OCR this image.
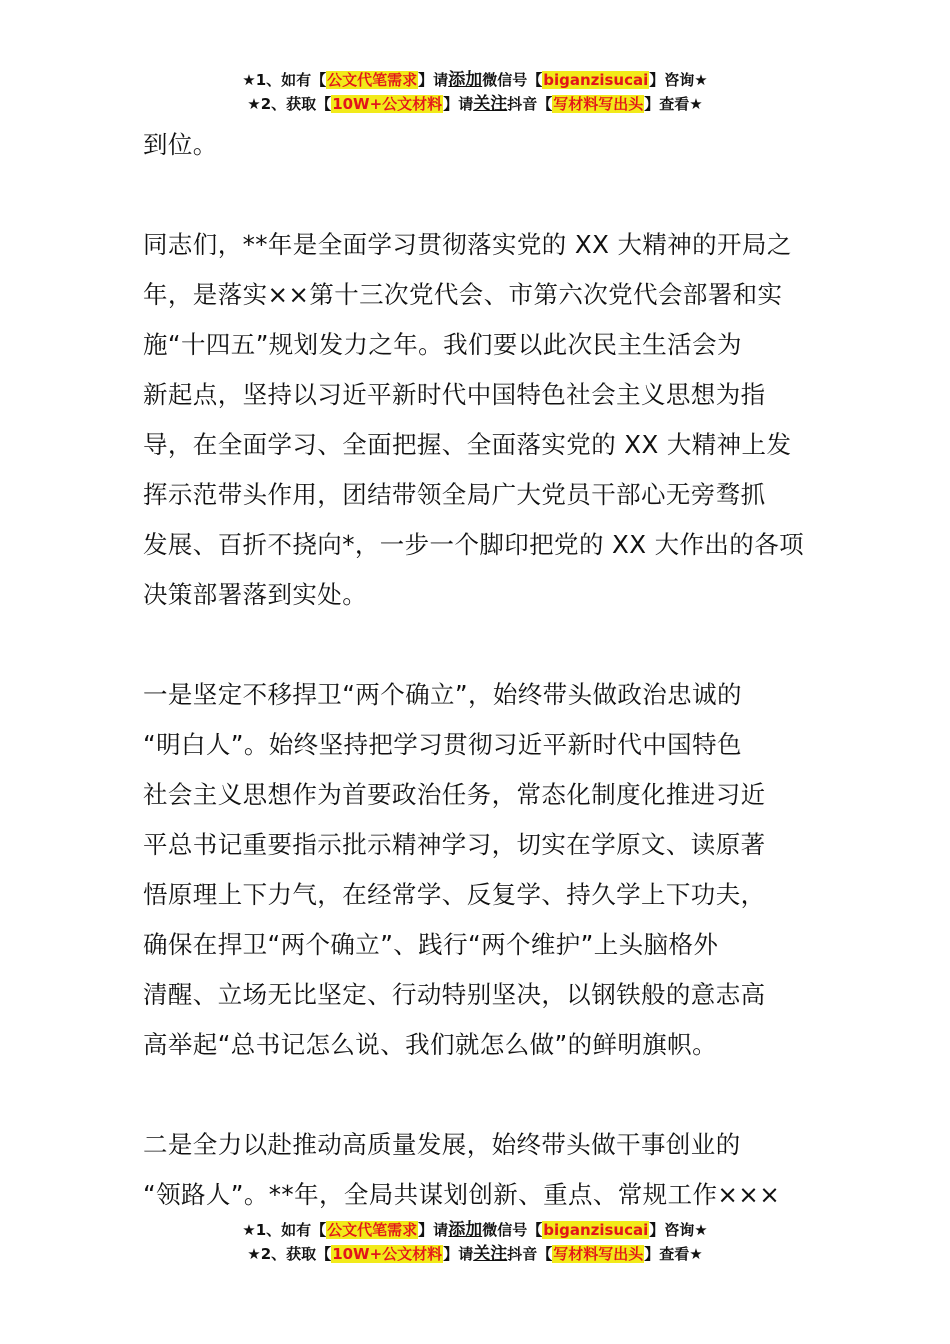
★1、如有【公文代笔需求】请添加微信号【biganzisucai】咨询★
★2、获取【10W+公文材料】请关注抖音【写材料写出头】查看★

到位。

同志们，**年是全面学习贯彻落实党的 XX 大精神的开局之

年，是落实××第十三次党代会、市第六次党代会部署和实

施“十四五”规划发力之年。我们要以此次民主生活会为

新起点，坚持以习近平新时代中国特色社会主义思想为指

导，在全面学习、全面把握、全面落实党的 XX 大精神上发

挥示范带头作用，团结带领全局广大党员干部心无旁骛抓

发展、百折不挠向*，一步一个脚印把党的 XX 大作出的各项

决策部署落到实处。

一是坚定不移捍卫“两个确立”，始终带头做政治忠诚的

“明白人”。始终坚持把学习贯彻习近平新时代中国特色

社会主义思想作为首要政治任务，常态化制度化推进习近

平总书记重要指示批示精神学习，切实在学原文、读原著

悟原理上下力气，在经常学、反复学、持久学上下功夫，

确保在捍卫“两个确立”、践行“两个维护”上头脑格外

清醒、立场无比坚定、行动特别坚决，以钢铁般的意志高

高举起“总书记怎么说、我们就怎么做”的鲜明旗帜。

二是全力以赴推动高质量发展，始终带头做干事创业的

“领路人”。**年，全局共谋划创新、重点、常规工作×××

★1、如有【公文代笔需求】请添加微信号【biganzisucai】咨询★
★2、获取【10W+公文材料】请关注抖音【写材料写出头】查看★
